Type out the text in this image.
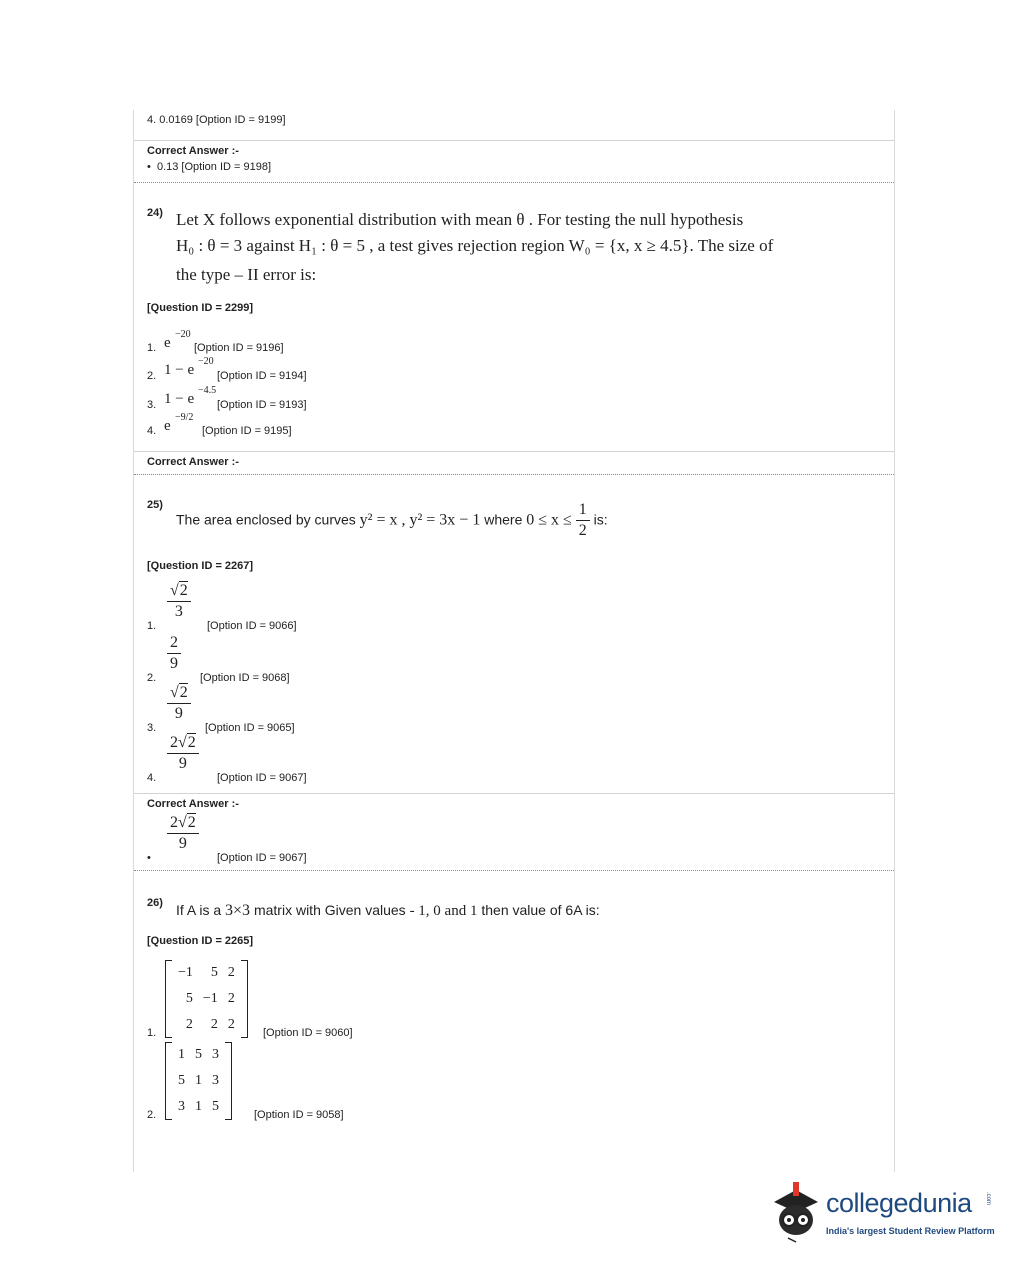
4. 0.0169 [Option ID = 9199]
Correct Answer :-
•  0.13 [Option ID = 9198]
24) Let X follows exponential distribution with mean θ . For testing the null hypothesis
H₀ : θ = 3 against H₁ : θ = 5 , a test gives rejection region W₀ = {x, x ≥ 4.5}. The size of
the type – II error is:
[Question ID = 2299]
1. e
−20
[Option ID = 9196]
2. 1 − e
−20
[Option ID = 9194]
3. 1 − e
−4.5
[Option ID = 9193]
4. e
−9/2
[Option ID = 9195]
Correct Answer :-
25)
The area enclosed by curves y² = x , y² = 3x − 1 where $0 \le x \le \frac{1}{2}$ is:
[Question ID = 2267]
1.
$\frac{√2}{3}$
[Option ID = 9066]
2.
$\frac{2}{9}$
[Option ID = 9068]
3.
$\frac{√2}{9}$
[Option ID = 9065]
4.
$\frac{2√2}{9}$
[Option ID = 9067]
Correct Answer :-
•
$\frac{2√2}{9}$
[Option ID = 9067]
26) If A is a 3×3 matrix with Given values - 1, 0 and 1 then value of 6A is:
[Question ID = 2265]
1.
−1	5	2
5	−1	2
2	2	2
[Option ID = 9060]
2.
1	5	3
5	1	3
3	1	5
[Option ID = 9058]
collegedunia .com
India's largest Student Review Platform
